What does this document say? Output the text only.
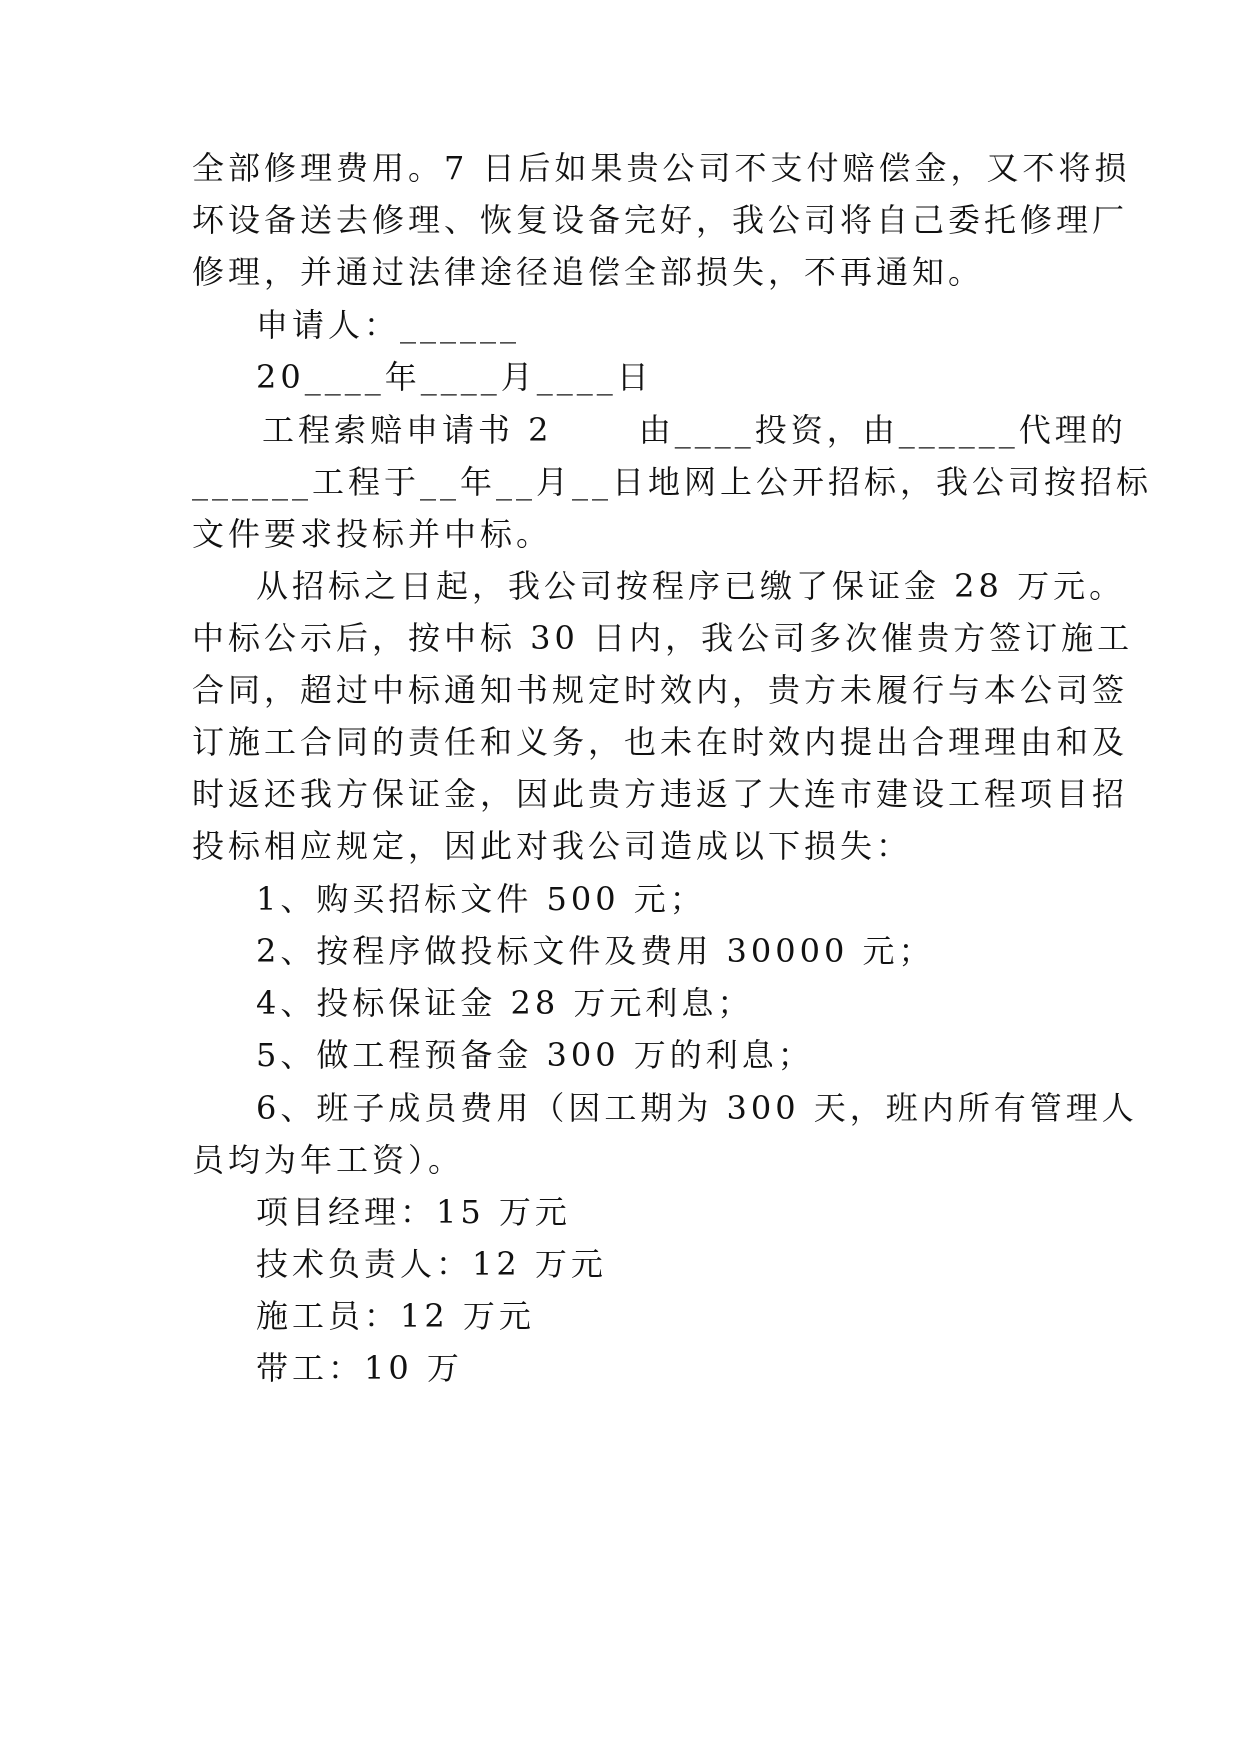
全部修理费用。7 日后如果贵公司不支付赔偿金，又不将损
坏设备送去修理、恢复设备完好，我公司将自己委托修理厂
修理，并通过法律途径追偿全部损失，不再通知。
申请人：______
20____年____月____日
工程索赔申请书 2　　 由____投资，由______代理的
______工程于__年__月__日地网上公开招标，我公司按招标
文件要求投标并中标。
从招标之日起，我公司按程序已缴了保证金 28 万元。
中标公示后，按中标 30 日内，我公司多次催贵方签订施工
合同，超过中标通知书规定时效内，贵方未履行与本公司签
订施工合同的责任和义务，也未在时效内提出合理理由和及
时返还我方保证金，因此贵方违返了大连市建设工程项目招
投标相应规定，因此对我公司造成以下损失：
1、购买招标文件 500 元；
2、按程序做投标文件及费用 30000 元；
4、投标保证金 28 万元利息；
5、做工程预备金 300 万的利息；
6、班子成员费用（因工期为 300 天，班内所有管理人
员均为年工资）。
项目经理：15 万元
技术负责人：12 万元
施工员：12 万元
带工：10 万
